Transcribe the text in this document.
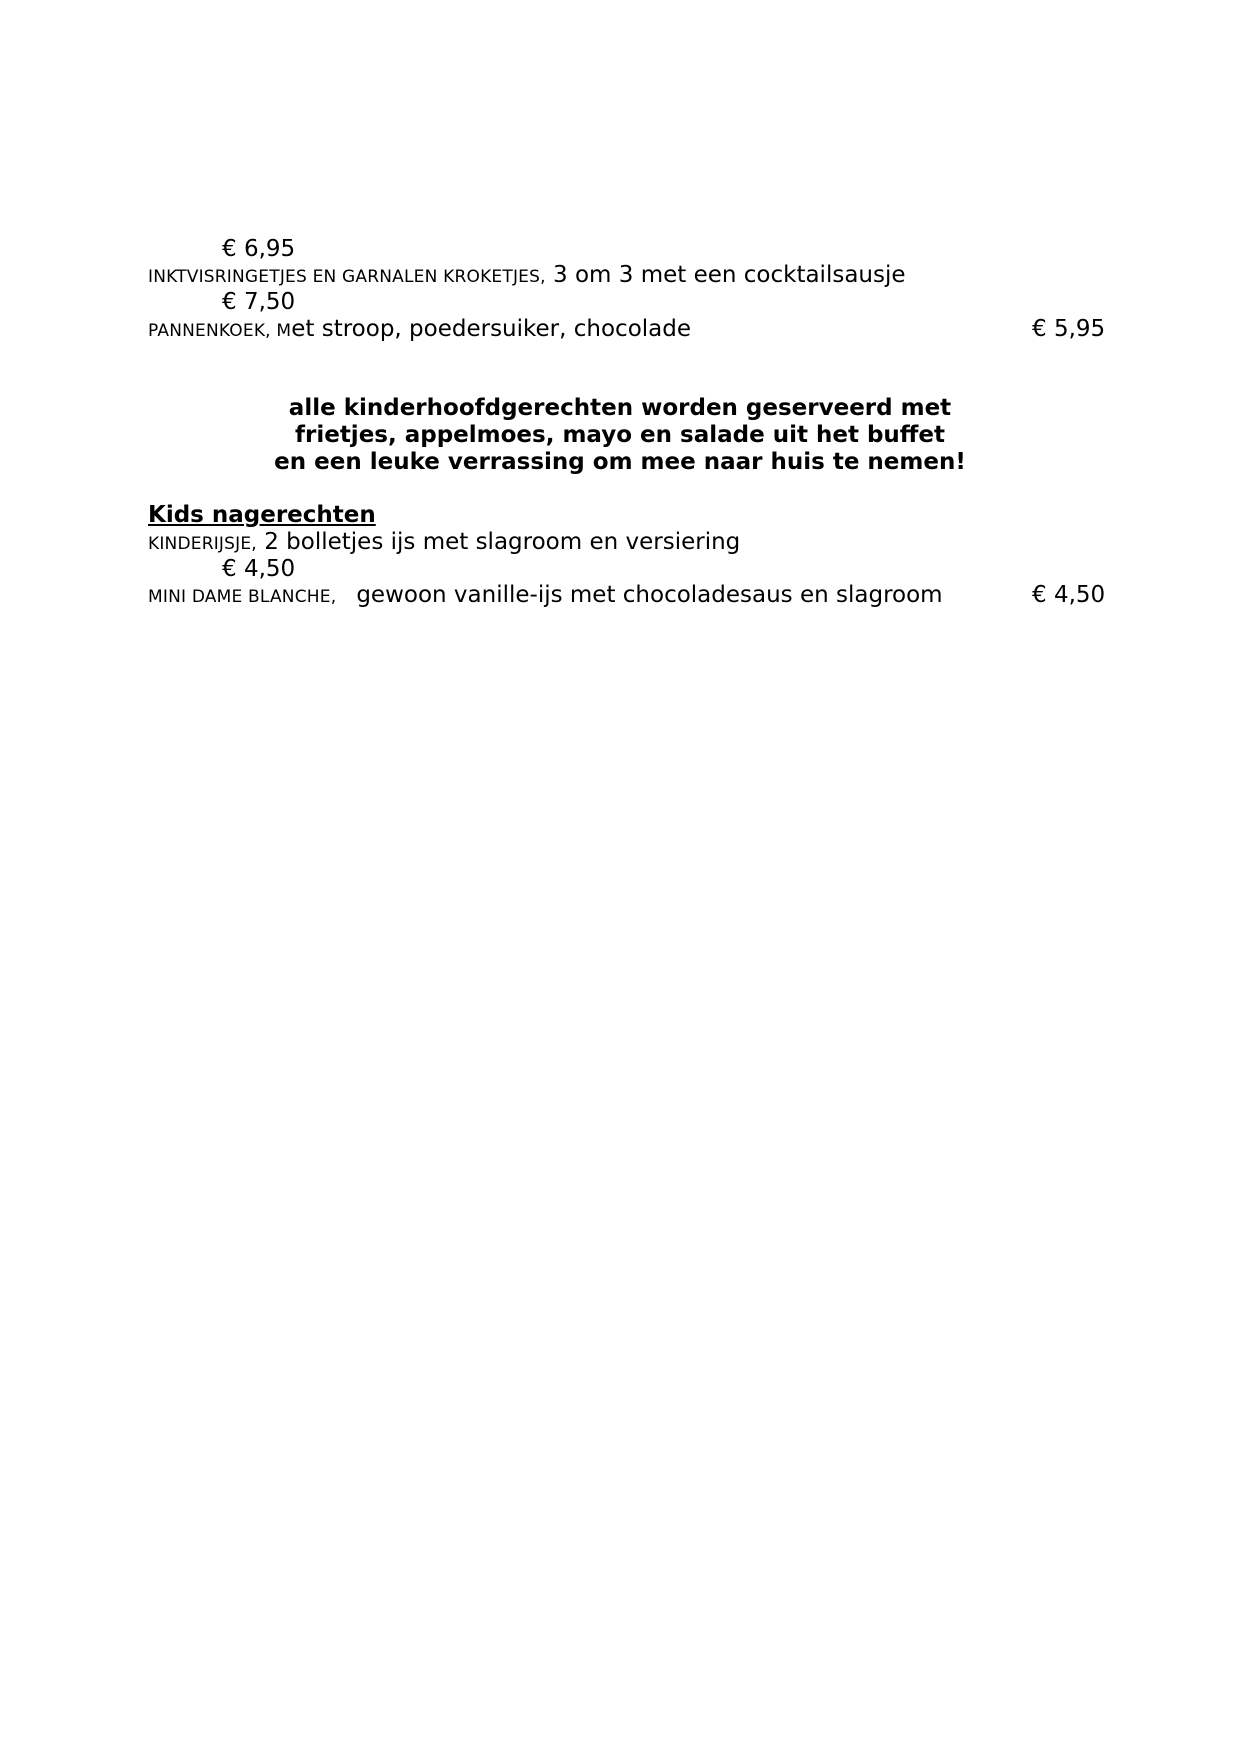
€ 6,95
INKTVISRINGETJES EN GARNALEN KROKETJES, 3 om 3 met een cocktailsausje
€ 7,50
PANNENKOEK, Met stroop, poedersuiker, chocolade	€ 5,95
alle kinderhoofdgerechten worden geserveerd met
frietjes, appelmoes, mayo en salade uit het buffet
en een leuke verrassing om mee naar huis te nemen!
Kids nagerechten
KINDERIJSJE, 2 bolletjes ijs met slagroom en versiering
€ 4,50
MINI DAME BLANCHE, gewoon vanille-ijs met chocoladesaus en slagroom	€ 4,50
